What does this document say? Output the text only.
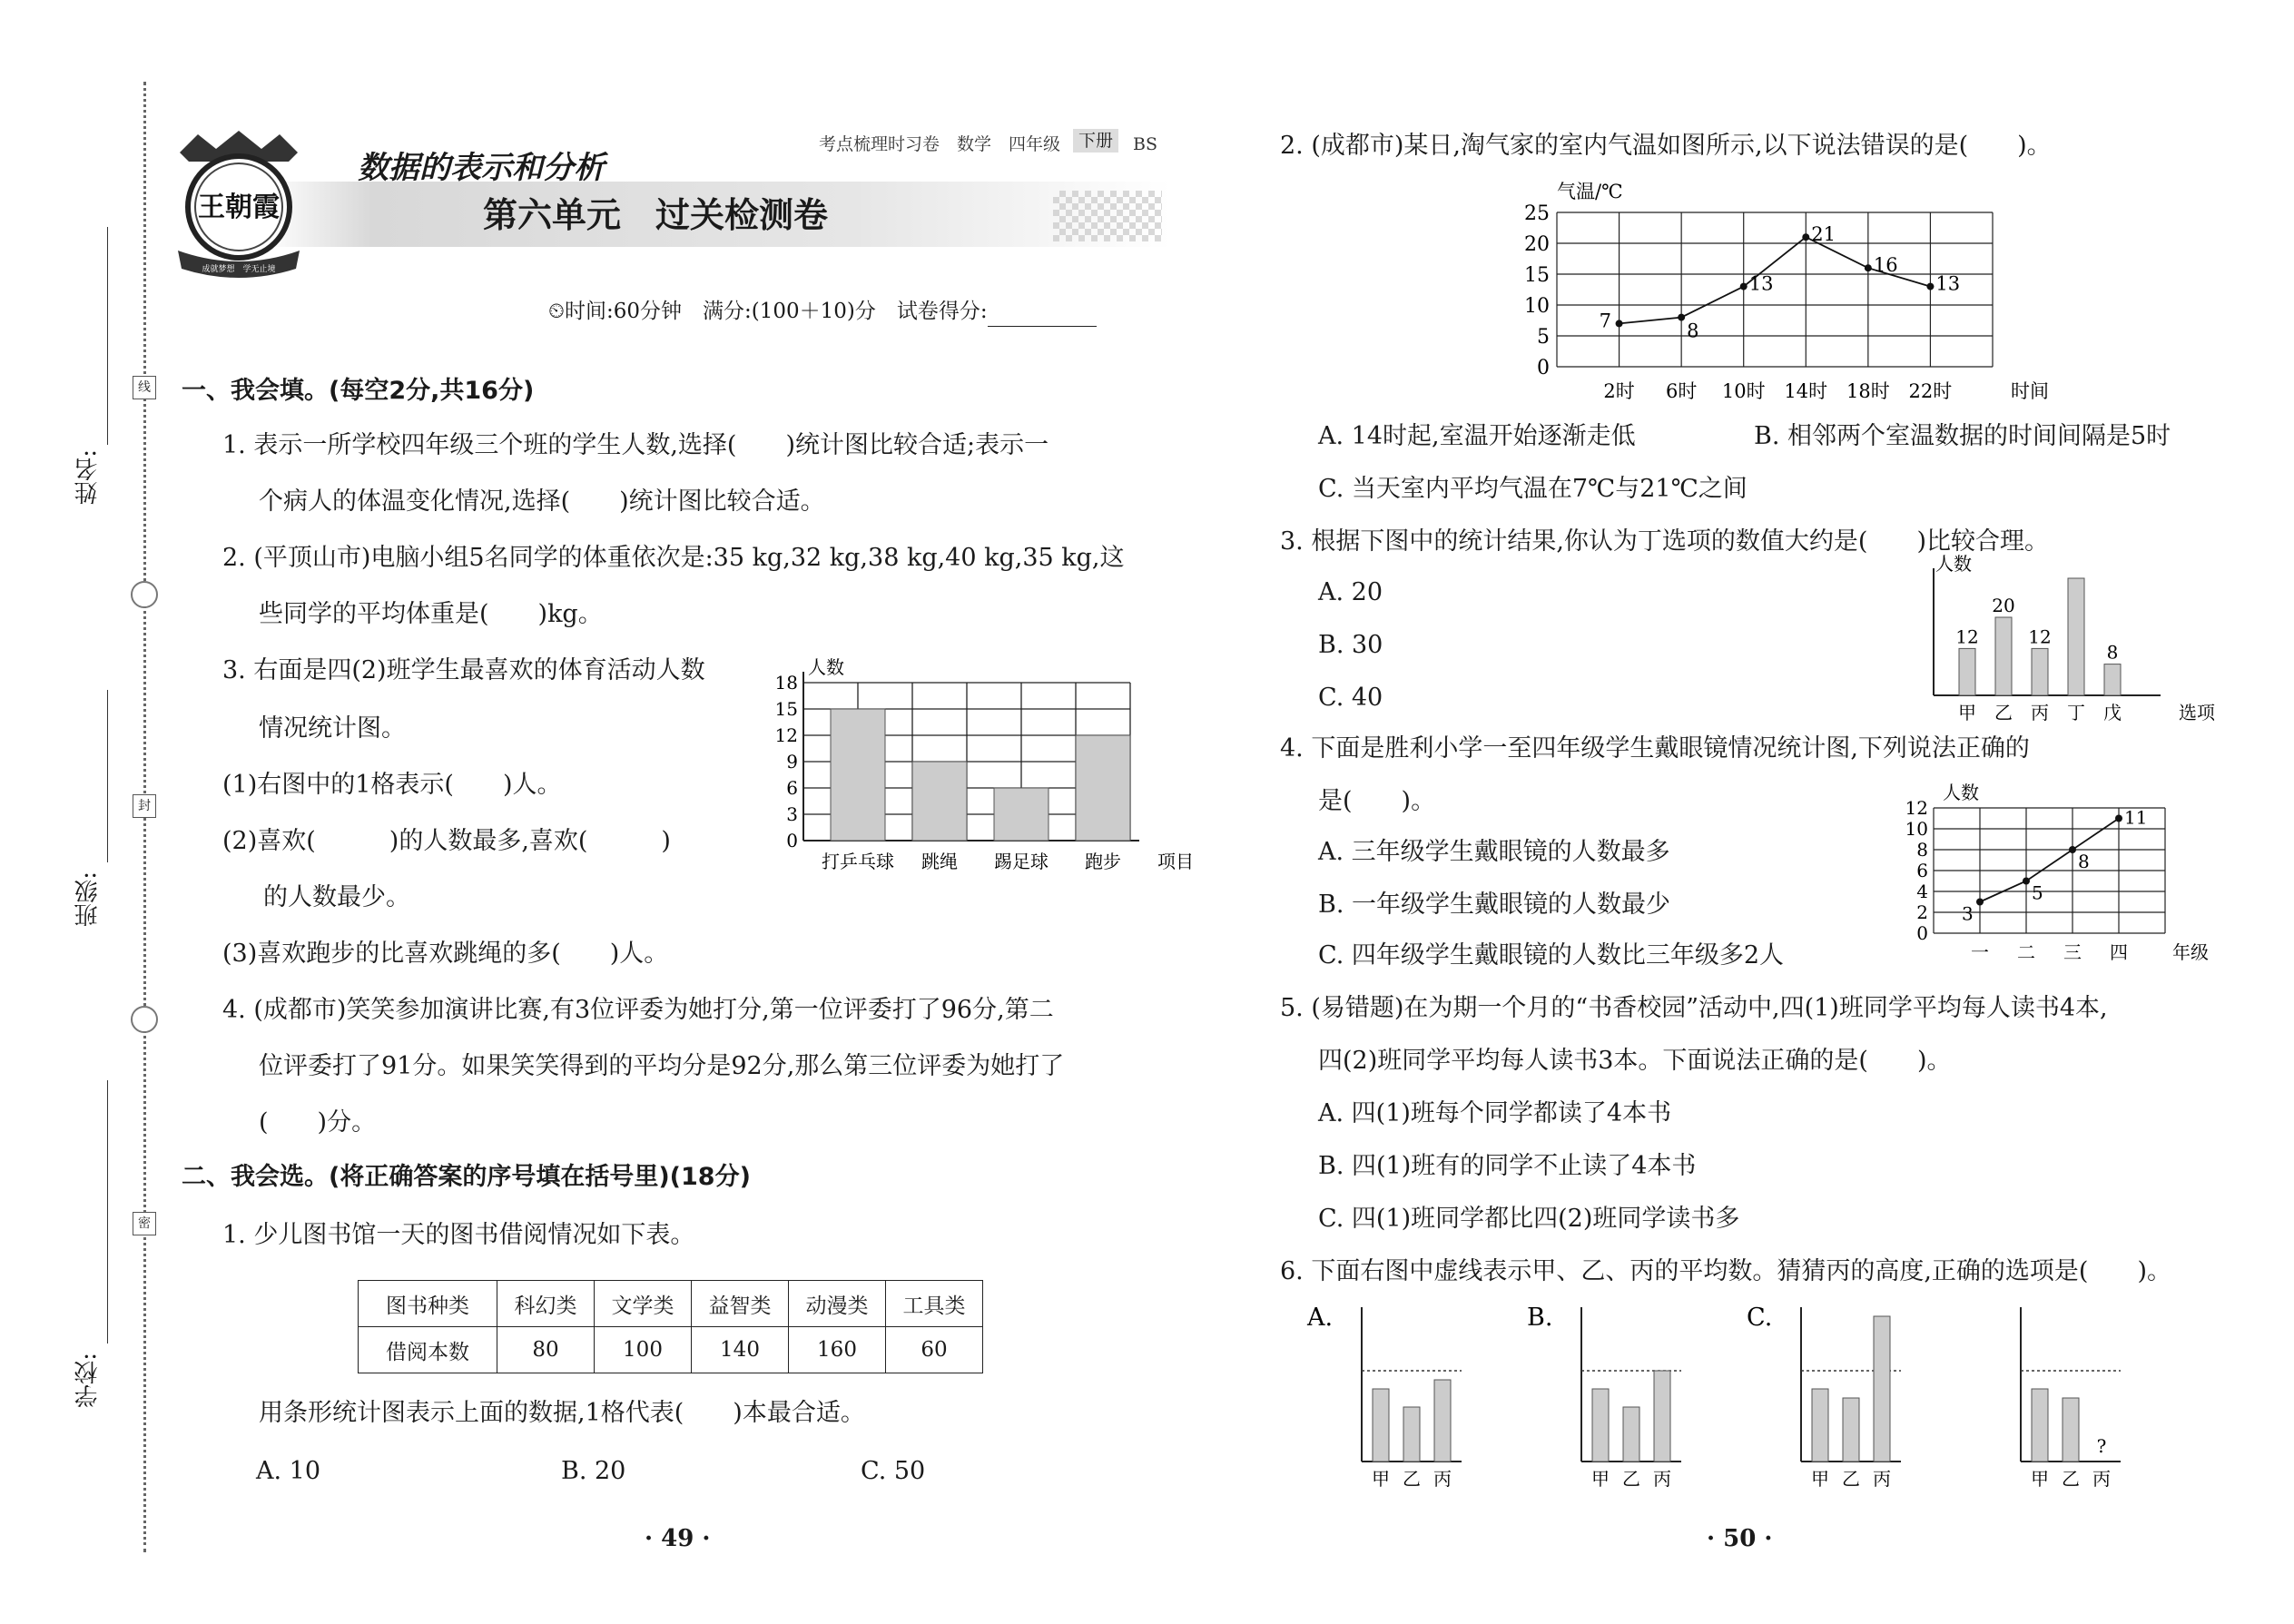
姓名:
班级:
学校:
线
封
密
王朝霞
成就梦想　学无止境
考点梳理时习卷　数学　四年级	下册	BS
数据的表示和分析
第六单元　过关检测卷
⏲时间:60分钟　满分:(100＋10)分　试卷得分:
一、我会填。(每空2分,共16分)
1. 表示一所学校四年级三个班的学生人数,选择(　　)统计图比较合适;表示一
个病人的体温变化情况,选择(　　)统计图比较合适。
2. (平顶山市)电脑小组5名同学的体重依次是:35 kg,32 kg,38 kg,40 kg,35 kg,这
些同学的平均体重是(　　)kg。
3. 右面是四(2)班学生最喜欢的体育活动人数
情况统计图。
(1)右图中的1格表示(　　)人。
(2)喜欢(　　　)的人数最多,喜欢(　　　)
的人数最少。
(3)喜欢跑步的比喜欢跳绳的多(　　)人。
4. (成都市)笑笑参加演讲比赛,有3位评委为她打分,第一位评委打了96分,第二
位评委打了91分。如果笑笑得到的平均分是92分,那么第三位评委为她打了
(　　)分。
二、我会选。(将正确答案的序号填在括号里)(18分)
1. 少儿图书馆一天的图书借阅情况如下表。
图书种类	科幻类	文学类	益智类	动漫类	工具类
借阅本数	80	100	140	160	60
用条形统计图表示上面的数据,1格代表(　　)本最合适。
A. 10	B. 20	C. 50
· 49 ·
人数
0
3
6
9
12
15
18
打乒乓球 跳绳 踢足球 跑步 项目
2. (成都市)某日,淘气家的室内气温如图所示,以下说法错误的是(　　)。
气温/℃
0
5
10
15
20
25
7
2时
8
6时
13
10时
21
14时
16
18时
13
22时	时间
A. 14时起,室温开始逐渐走低	B. 相邻两个室温数据的时间间隔是5时
C. 当天室内平均气温在7℃与21℃之间
3. 根据下图中的统计结果,你认为丁选项的数值大约是(　　)比较合理。
A. 20
B. 30
C. 40
人数
12
甲
20
乙
12
丙 丁
8
戊	选项
4. 下面是胜利小学一至四年级学生戴眼镜情况统计图,下列说法正确的
是(　　)。
A. 三年级学生戴眼镜的人数最多
B. 一年级学生戴眼镜的人数最少
C. 四年级学生戴眼镜的人数比三年级多2人
人数
0
2
4
6
8
10
12
3
一
5
二
8
三
11
四 年级
5. (易错题)在为期一个月的“书香校园”活动中,四(1)班同学平均每人读书4本,
四(2)班同学平均每人读书3本。下面说法正确的是(　　)。
A. 四(1)班每个同学都读了4本书
B. 四(1)班有的同学不止读了4本书
C. 四(1)班同学都比四(2)班同学读书多
6. 下面右图中虚线表示甲、乙、丙的平均数。猜猜丙的高度,正确的选项是(　　)。
A.
甲 乙 丙
B.
甲 乙 丙
C.
甲 乙 丙	甲 乙
?
丙
· 50 ·
